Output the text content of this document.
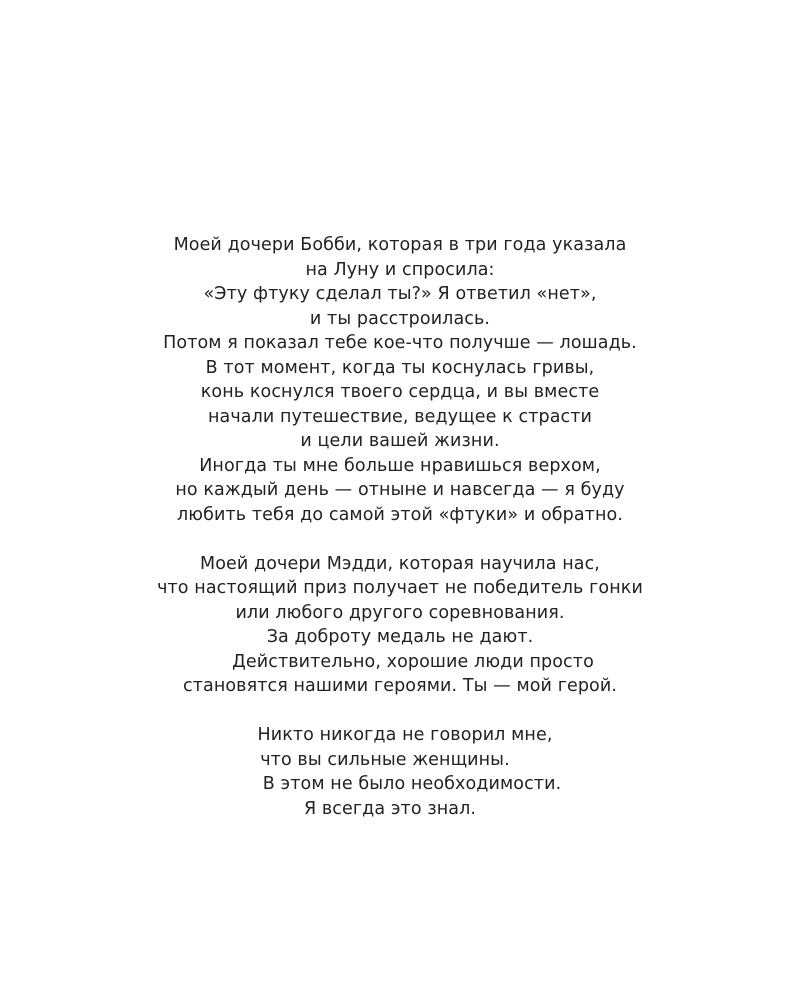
Моей дочери Бобби, которая в три года указала
на Луну и спросила:
«Эту фтуку сделал ты?» Я ответил «нет»,
и ты расстроилась.
Потом я показал тебе кое-что получше — лошадь.
В тот момент, когда ты коснулась гривы,
конь коснулся твоего сердца, и вы вместе
начали путешествие, ведущее к страсти
и цели вашей жизни.
Иногда ты мне больше нравишься верхом,
но каждый день — отныне и навсегда — я буду
любить тебя до самой этой «фтуки» и обратно.
Моей дочери Мэдди, которая научила нас,
что настоящий приз получает не победитель гонки
или любого другого соревнования.
За доброту медаль не дают.
Действительно, хорошие люди просто
становятся нашими героями. Ты — мой герой.
Никто никогда не говорил мне,
что вы сильные женщины.
В этом не было необходимости.
Я всегда это знал.
